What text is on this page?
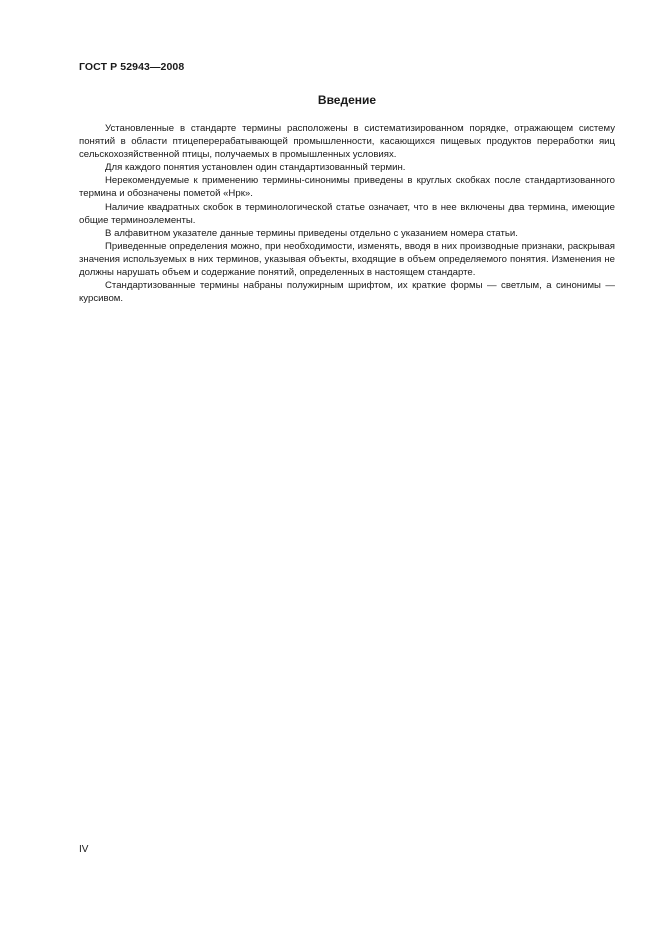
ГОСТ Р 52943—2008
Введение

Установленные в стандарте термины расположены в систематизированном порядке, отражающем систему понятий в области птицеперерабатывающей промышленности, касающихся пищевых продуктов переработки яиц сельскохозяйственной птицы, получаемых в промышленных условиях.

Для каждого понятия установлен один стандартизованный термин.

Нерекомендуемые к применению термины-синонимы приведены в круглых скобках после стандартизованного термина и обозначены пометой «Нрк».

Наличие квадратных скобок в терминологической статье означает, что в нее включены два термина, имеющие общие терминоэлементы.

В алфавитном указателе данные термины приведены отдельно с указанием номера статьи.

Приведенные определения можно, при необходимости, изменять, вводя в них производные признаки, раскрывая значения используемых в них терминов, указывая объекты, входящие в объем определяемого понятия. Изменения не должны нарушать объем и содержание понятий, определенных в настоящем стандарте.

Стандартизованные термины набраны полужирным шрифтом, их краткие формы — светлым, а синонимы — курсивом.

IV
